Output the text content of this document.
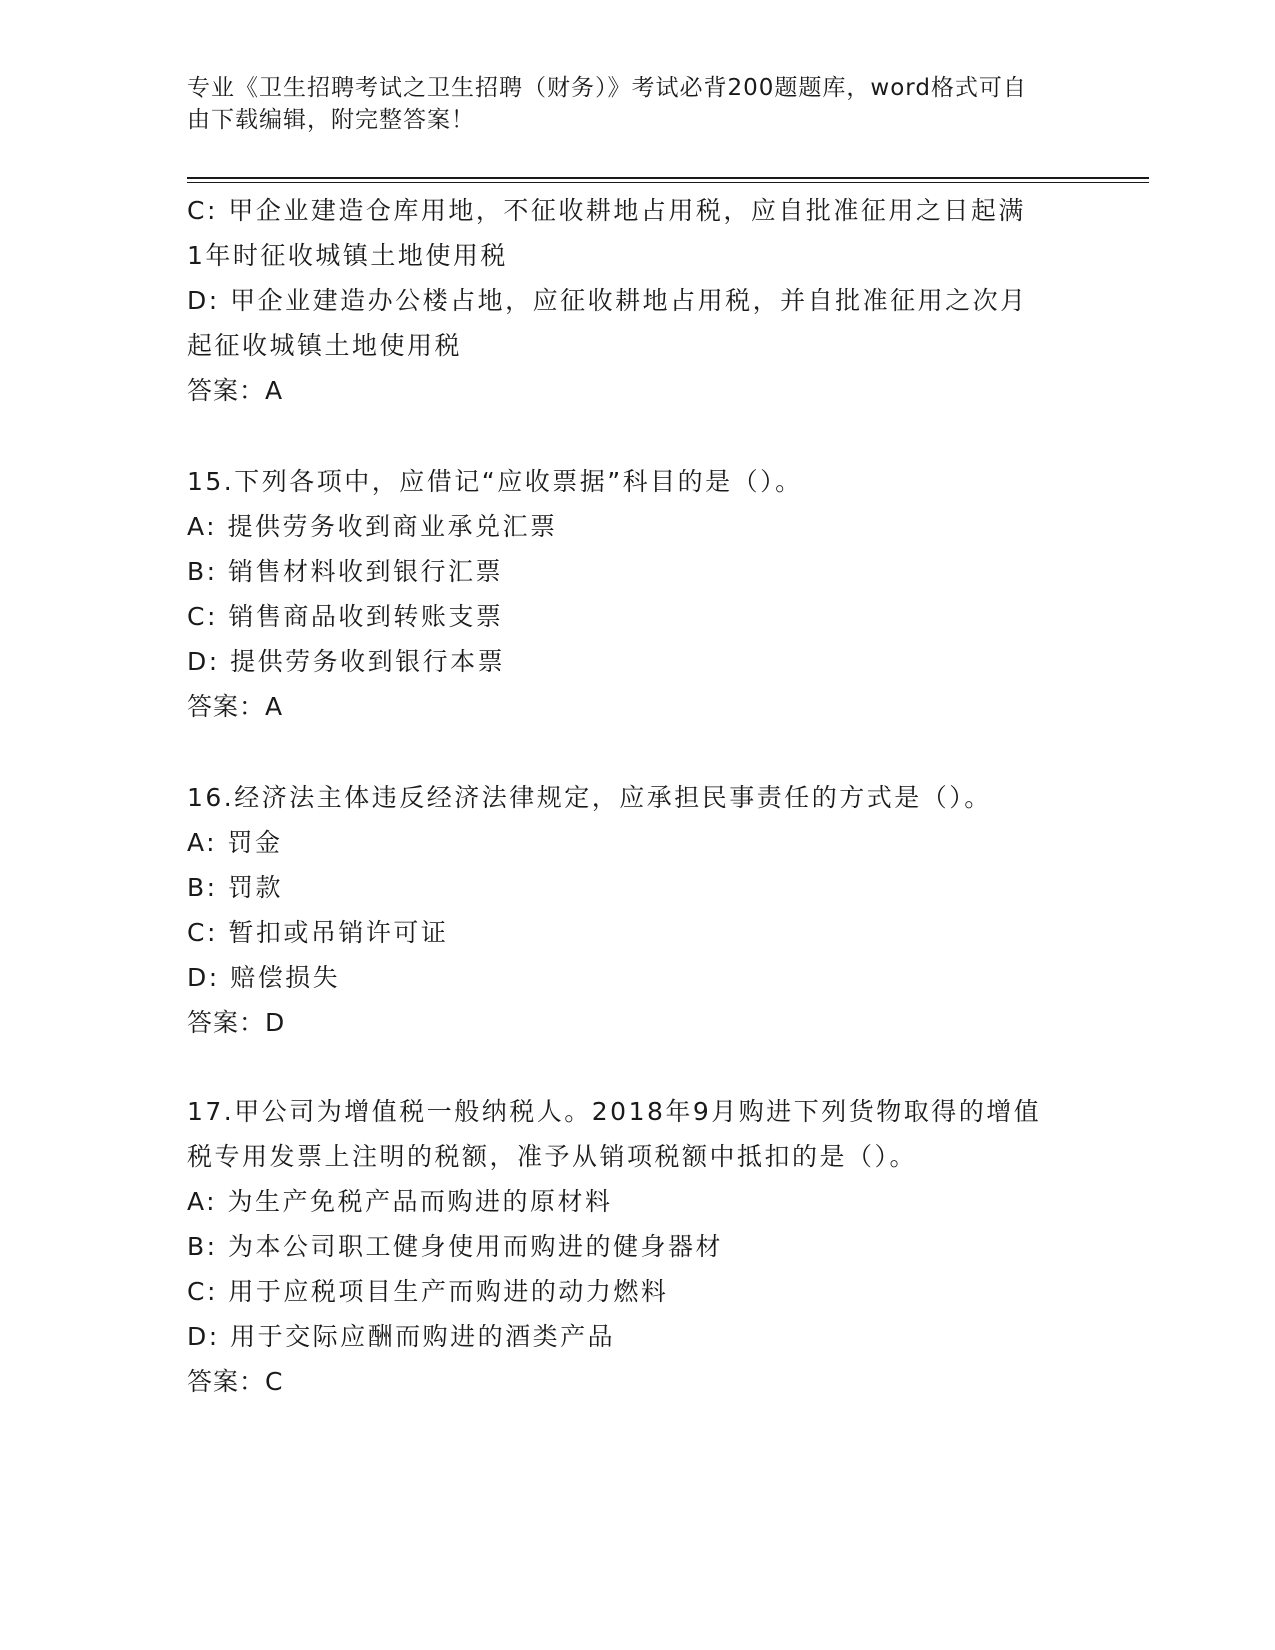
专业《卫生招聘考试之卫生招聘（财务）》考试必背200题题库，word格式可自
由下载编辑，附完整答案！
C: 甲企业建造仓库用地，不征收耕地占用税，应自批准征用之日起满
1年时征收城镇土地使用税
D: 甲企业建造办公楼占地，应征收耕地占用税，并自批准征用之次月
起征收城镇土地使用税
答案：A
15.下列各项中，应借记“应收票据”科目的是（）。
A: 提供劳务收到商业承兑汇票
B: 销售材料收到银行汇票
C: 销售商品收到转账支票
D: 提供劳务收到银行本票
答案：A
16.经济法主体违反经济法律规定，应承担民事责任的方式是（）。
A: 罚金
B: 罚款
C: 暂扣或吊销许可证
D: 赔偿损失
答案：D
17.甲公司为增值税一般纳税人。2018年9月购进下列货物取得的增值
税专用发票上注明的税额，准予从销项税额中抵扣的是（）。
A: 为生产免税产品而购进的原材料
B: 为本公司职工健身使用而购进的健身器材
C: 用于应税项目生产而购进的动力燃料
D: 用于交际应酬而购进的酒类产品
答案：C
